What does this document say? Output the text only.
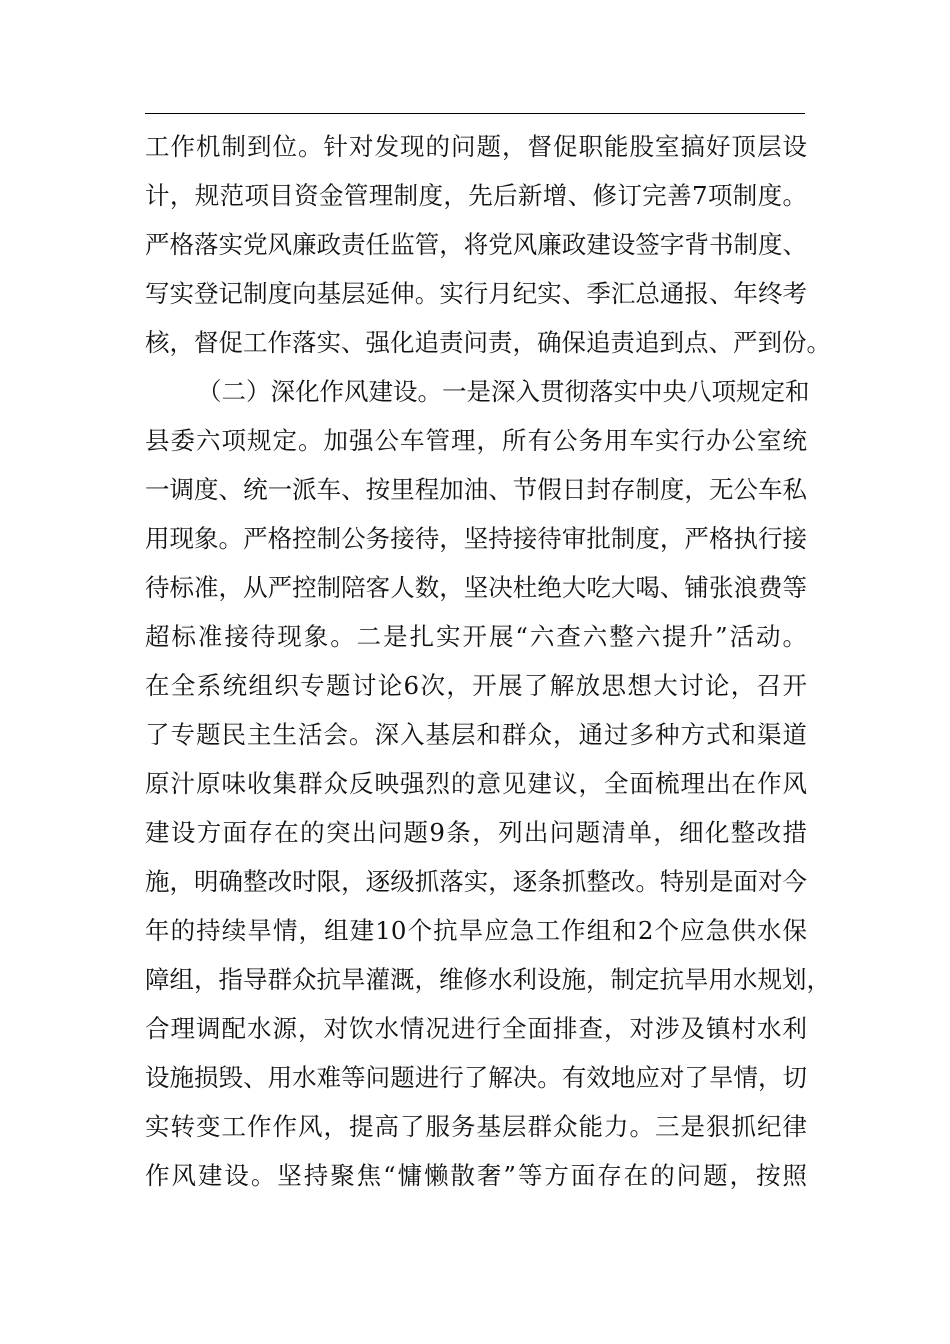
工作机制到位。针对发现的问题，督促职能股室搞好顶层设
计，规范项目资金管理制度，先后新增、修订完善7项制度。
严格落实党风廉政责任监管，将党风廉政建设签字背书制度、
写实登记制度向基层延伸。实行月纪实、季汇总通报、年终考
核，督促工作落实、强化追责问责，确保追责追到点、严到份。
（二）深化作风建设。一是深入贯彻落实中央八项规定和
县委六项规定。加强公车管理，所有公务用车实行办公室统
一调度、统一派车、按里程加油、节假日封存制度，无公车私
用现象。严格控制公务接待，坚持接待审批制度，严格执行接
待标准，从严控制陪客人数，坚决杜绝大吃大喝、铺张浪费等
超标准接待现象。二是扎实开展“六查六整六提升”活动。
在全系统组织专题讨论6次，开展了解放思想大讨论，召开
了专题民主生活会。深入基层和群众，通过多种方式和渠道
原汁原味收集群众反映强烈的意见建议，全面梳理出在作风
建设方面存在的突出问题9条，列出问题清单，细化整改措
施，明确整改时限，逐级抓落实，逐条抓整改。特别是面对今
年的持续旱情，组建10个抗旱应急工作组和2个应急供水保
障组，指导群众抗旱灌溉，维修水利设施，制定抗旱用水规划，
合理调配水源，对饮水情况进行全面排查，对涉及镇村水利
设施损毁、用水难等问题进行了解决。有效地应对了旱情，切
实转变工作作风，提高了服务基层群众能力。三是狠抓纪律
作风建设。坚持聚焦“慵懒散奢”等方面存在的问题，按照
